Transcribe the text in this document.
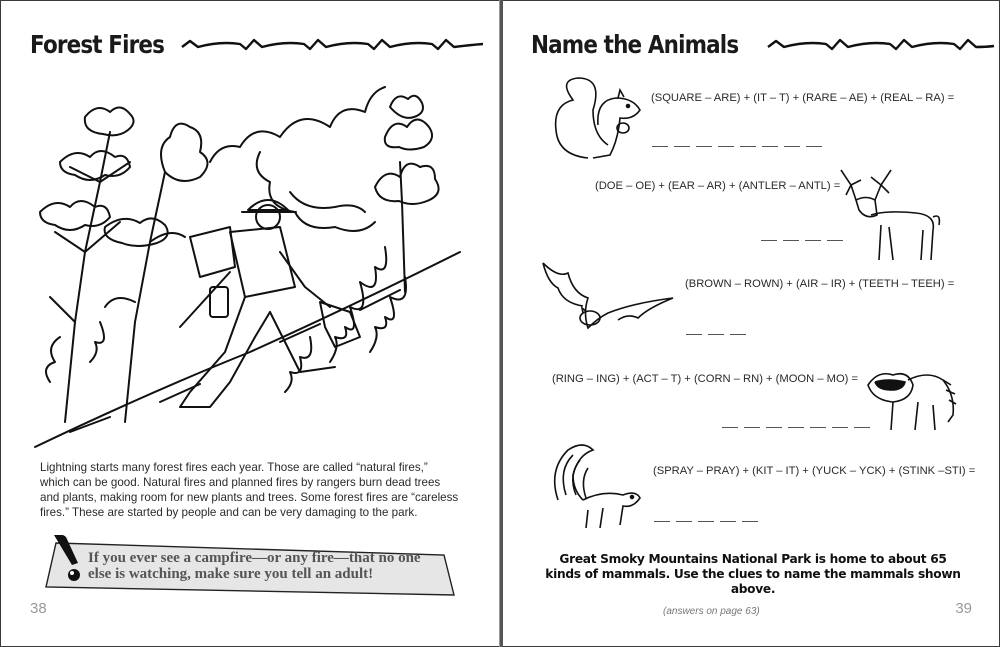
Forest Fires
Lightning starts many forest fires each year. Those are called “natural fires,” which can be good. Natural fires and planned fires by rangers burn dead trees and plants, making room for new plants and trees. Some forest fires are “careless fires.” These are started by people and can be very damaging to the park.
If you ever see a campfire—or any fire—that no one else is watching, make sure you tell an adult!
38
Name the Animals
(SQUARE – ARE) + (IT – T) + (RARE – AE) + (REAL – RA) =
(DOE – OE) + (EAR – AR) + (ANTLER – ANTL) =
(BROWN – ROWN) + (AIR – IR) + (TEETH – TEEH) =
(RING – ING) + (ACT – T) + (CORN – RN) + (MOON – MO) =
(SPRAY – PRAY) + (KIT – IT) + (YUCK – YCK) + (STINK –STI) =
Great Smoky Mountains National Park is home to about 65 kinds of mammals. Use the clues to name the mammals shown above.
(answers on page 63)	39
